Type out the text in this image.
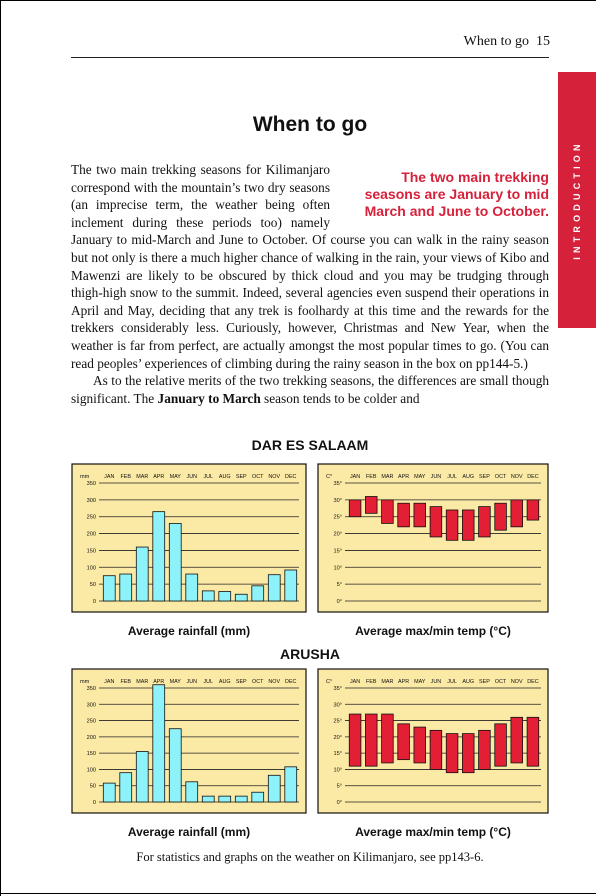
When to go 15
INTRODUCTION
When to go

The two main trekking seasons are January to mid March and June to October.
The two main trekking seasons for Kilimanjaro correspond with the mountain’s two dry seasons (an imprecise term, the weather being often inclement during these periods too) namely January to mid-March and June to October. Of course you can walk in the rainy season but not only is there a much higher chance of walking in the rain, your views of Kibo and Mawenzi are likely to be obscured by thick cloud and you may be trudging through thigh-high snow to the summit. Indeed, several agencies even suspend their operations in April and May, deciding that any trek is foolhardy at this time and the rewards for the trekkers considerably less. Curiously, however, Christmas and New Year, when the weather is far from perfect, are actually amongst the most popular times to go. (You can read peoples’ experiences of climbing during the rainy season in the box on pp144-5.)

As to the relative merits of the two trekking seasons, the differences are small though significant. The January to March season tends to be colder and

DAR ES SALAAM
mm	JAN FEB MAR APR MAY JUN JUL AUG SEP OCT NOV DEC
0
50
100
150
200
250
300
350
C°	JAN FEB MAR APR MAY JUN JUL AUG SEP OCT NOV DEC
0°
5°
10°
15°
20°
25°
30°
35°
Average rainfall (mm)	Average max/min temp (°C)
ARUSHA
mm	JAN FEB MAR APR MAY JUN JUL AUG SEP OCT NOV DEC
0
50
100
150
200
250
300
350
C°	JAN FEB MAR APR MAY JUN JUL AUG SEP OCT NOV DEC
0°
5°
10°
15°
20°
25°
30°
35°
Average rainfall (mm)	Average max/min temp (°C)
For statistics and graphs on the weather on Kilimanjaro, see pp143-6.
